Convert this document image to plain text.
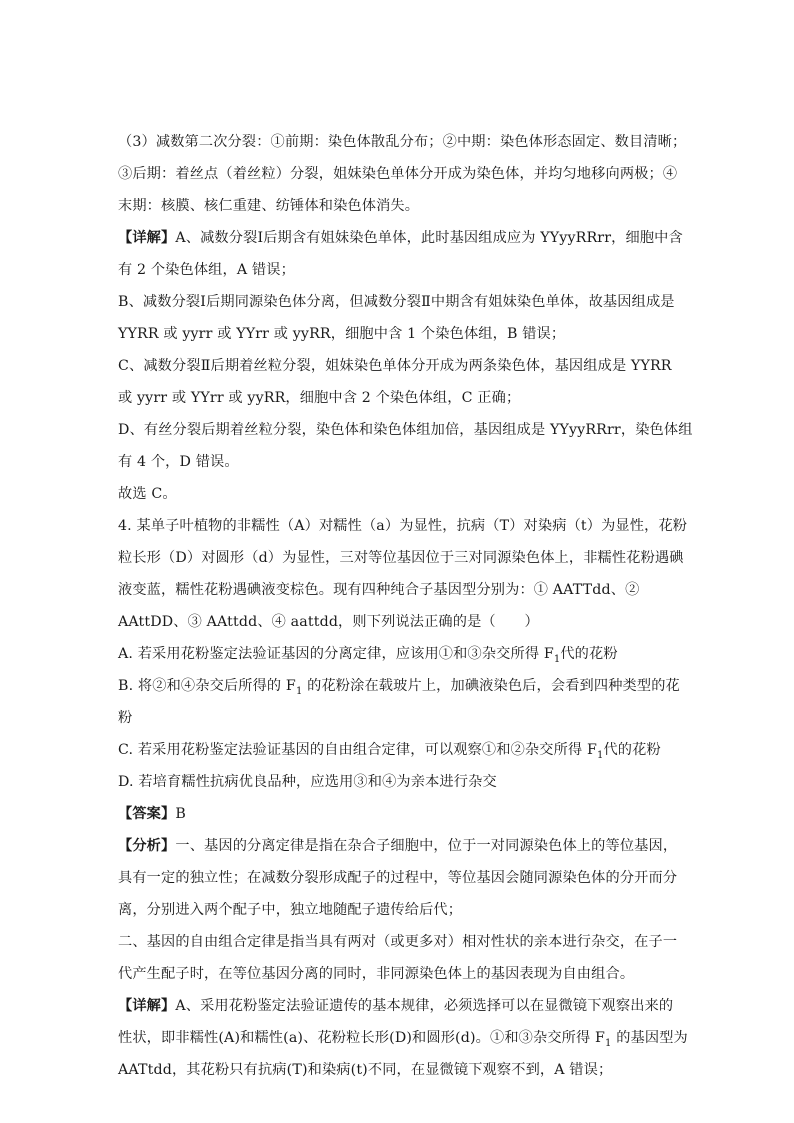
（3）减数第二次分裂：①前期：染色体散乱分布；②中期：染色体形态固定、数目清晰；
③后期：着丝点（着丝粒）分裂，姐妹染色单体分开成为染色体，并均匀地移向两极；④
末期：核膜、核仁重建、纺锤体和染色体消失。
【详解】A、减数分裂Ⅰ后期含有姐妹染色单体，此时基因组成应为 YYyyRRrr，细胞中含
有 2 个染色体组，A 错误；
B、减数分裂Ⅰ后期同源染色体分离，但减数分裂Ⅱ中期含有姐妹染色单体，故基因组成是
YYRR 或 yyrr 或 YYrr 或 yyRR，细胞中含 1 个染色体组，B 错误；
C、减数分裂Ⅱ后期着丝粒分裂，姐妹染色单体分开成为两条染色体，基因组成是 YYRR
或 yyrr 或 YYrr 或 yyRR，细胞中含 2 个染色体组，C 正确；
D、有丝分裂后期着丝粒分裂，染色体和染色体组加倍，基因组成是 YYyyRRrr，染色体组
有 4 个，D 错误。
故选 C。
4. 某单子叶植物的非糯性（A）对糯性（a）为显性，抗病（T）对染病（t）为显性，花粉
粒长形（D）对圆形（d）为显性，三对等位基因位于三对同源染色体上，非糯性花粉遇碘
液变蓝，糯性花粉遇碘液变棕色。现有四种纯合子基因型分别为：① AATTdd、②
AAttDD、③ AAttdd、④ aattdd，则下列说法正确的是（　　）
A. 若采用花粉鉴定法验证基因的分离定律，应该用①和③杂交所得 $F_1$代的花粉
B. 将②和④杂交后所得的 $F_1$ 的花粉涂在载玻片上，加碘液染色后，会看到四种类型的花
粉
C. 若采用花粉鉴定法验证基因的自由组合定律，可以观察①和②杂交所得 $F_1$代的花粉
D. 若培育糯性抗病优良品种，应选用③和④为亲本进行杂交
【答案】B
【分析】一、基因的分离定律是指在杂合子细胞中，位于一对同源染色体上的等位基因，
具有一定的独立性；在减数分裂形成配子的过程中，等位基因会随同源染色体的分开而分
离，分别进入两个配子中，独立地随配子遗传给后代；
二、基因的自由组合定律是指当具有两对（或更多对）相对性状的亲本进行杂交，在子一
代产生配子时，在等位基因分离的同时，非同源染色体上的基因表现为自由组合。
【详解】A、采用花粉鉴定法验证遗传的基本规律，必须选择可以在显微镜下观察出来的
性状，即非糯性(A)和糯性(a)、花粉粒长形(D)和圆形(d)。①和③杂交所得 $F_1$ 的基因型为
AATtdd，其花粉只有抗病(T)和染病(t)不同，在显微镜下观察不到，A 错误；
